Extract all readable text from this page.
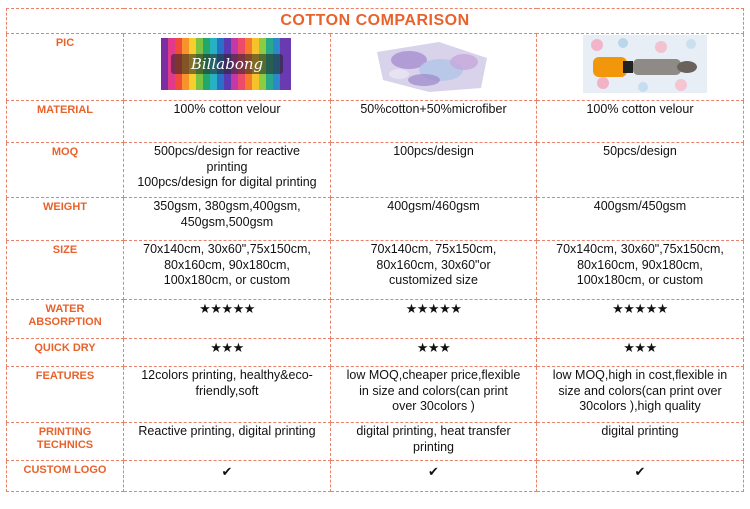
COTTON COMPARISON			
PIC	Billabong

MATERIAL	100% cotton velour	50%cotton+50%microfiber	100% cotton velour
MOQ	500pcs/design for reactive
printing
100pcs/design for digital printing	100pcs/design	50pcs/design
WEIGHT	350gsm, 380gsm,400gsm,
450gsm,500gsm	400gsm/460gsm	400gsm/450gsm
SIZE	70x140cm, 30x60",75x150cm,
80x160cm, 90x180cm,
100x180cm, or custom	70x140cm, 75x150cm,
80x160cm, 30x60"or
customized size	70x140cm, 30x60",75x150cm,
80x160cm, 90x180cm,
100x180cm, or custom
WATER
ABSORPTION	★★★★★	★★★★★	★★★★★
QUICK DRY	★★★	★★★	★★★
FEATURES	12colors printing, healthy&eco-
friendly,soft	low MOQ,cheaper price,flexible
in size and colors(can print
over 30colors )	low MOQ,high in cost,flexible in
size and colors(can print over
30colors ),high quality
PRINTING
TECHNICS	Reactive printing, digital printing	digital printing, heat transfer
printing	digital printing
CUSTOM LOGO	✔	✔	✔
